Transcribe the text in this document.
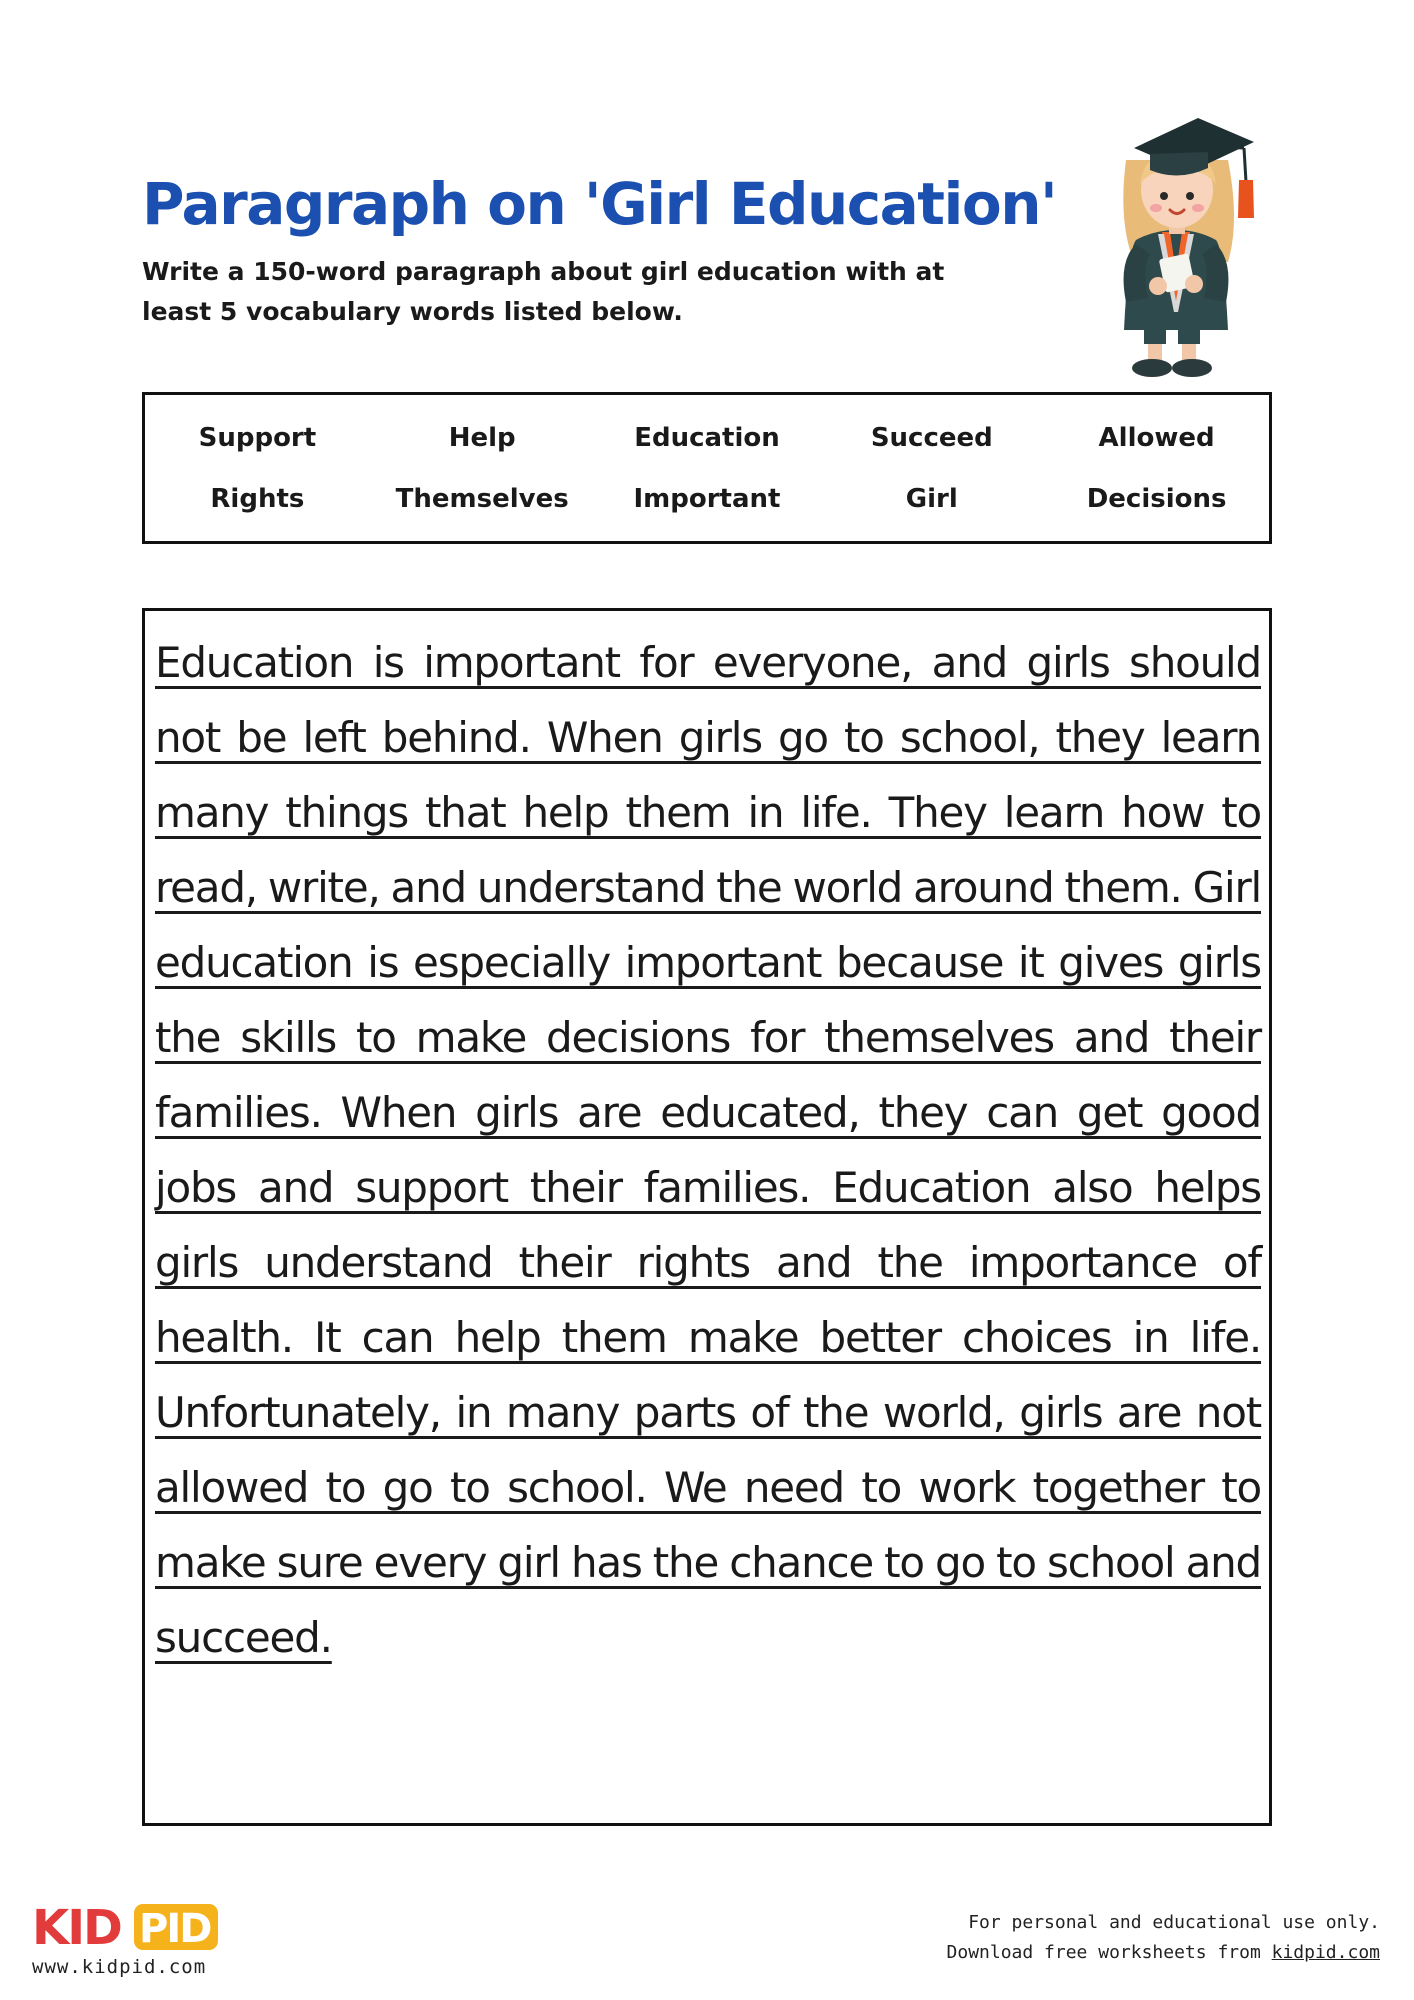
Paragraph on 'Girl Education'
Write a 150-word paragraph about girl education with at least 5 vocabulary words listed below.
Support	Help	Education	Succeed	Allowed
Rights	Themselves	Important	Girl	Decisions

Education is important for everyone, and girls should not be left behind. When girls go to school, they learn many things that help them in life. They learn how to read, write, and understand the world around them. Girl education is especially important because it gives girls the skills to make decisions for themselves and their families. When girls are educated, they can get good jobs and support their families. Education also helps girls understand their rights and the importance of health. It can help them make better choices in life. Unfortunately, in many parts of the world, girls are not allowed to go to school. We need to work together to make sure every girl has the chance to go to school and succeed.

KID PID
www.kidpid.com
For personal and educational use only.
Download free worksheets from kidpid.com
